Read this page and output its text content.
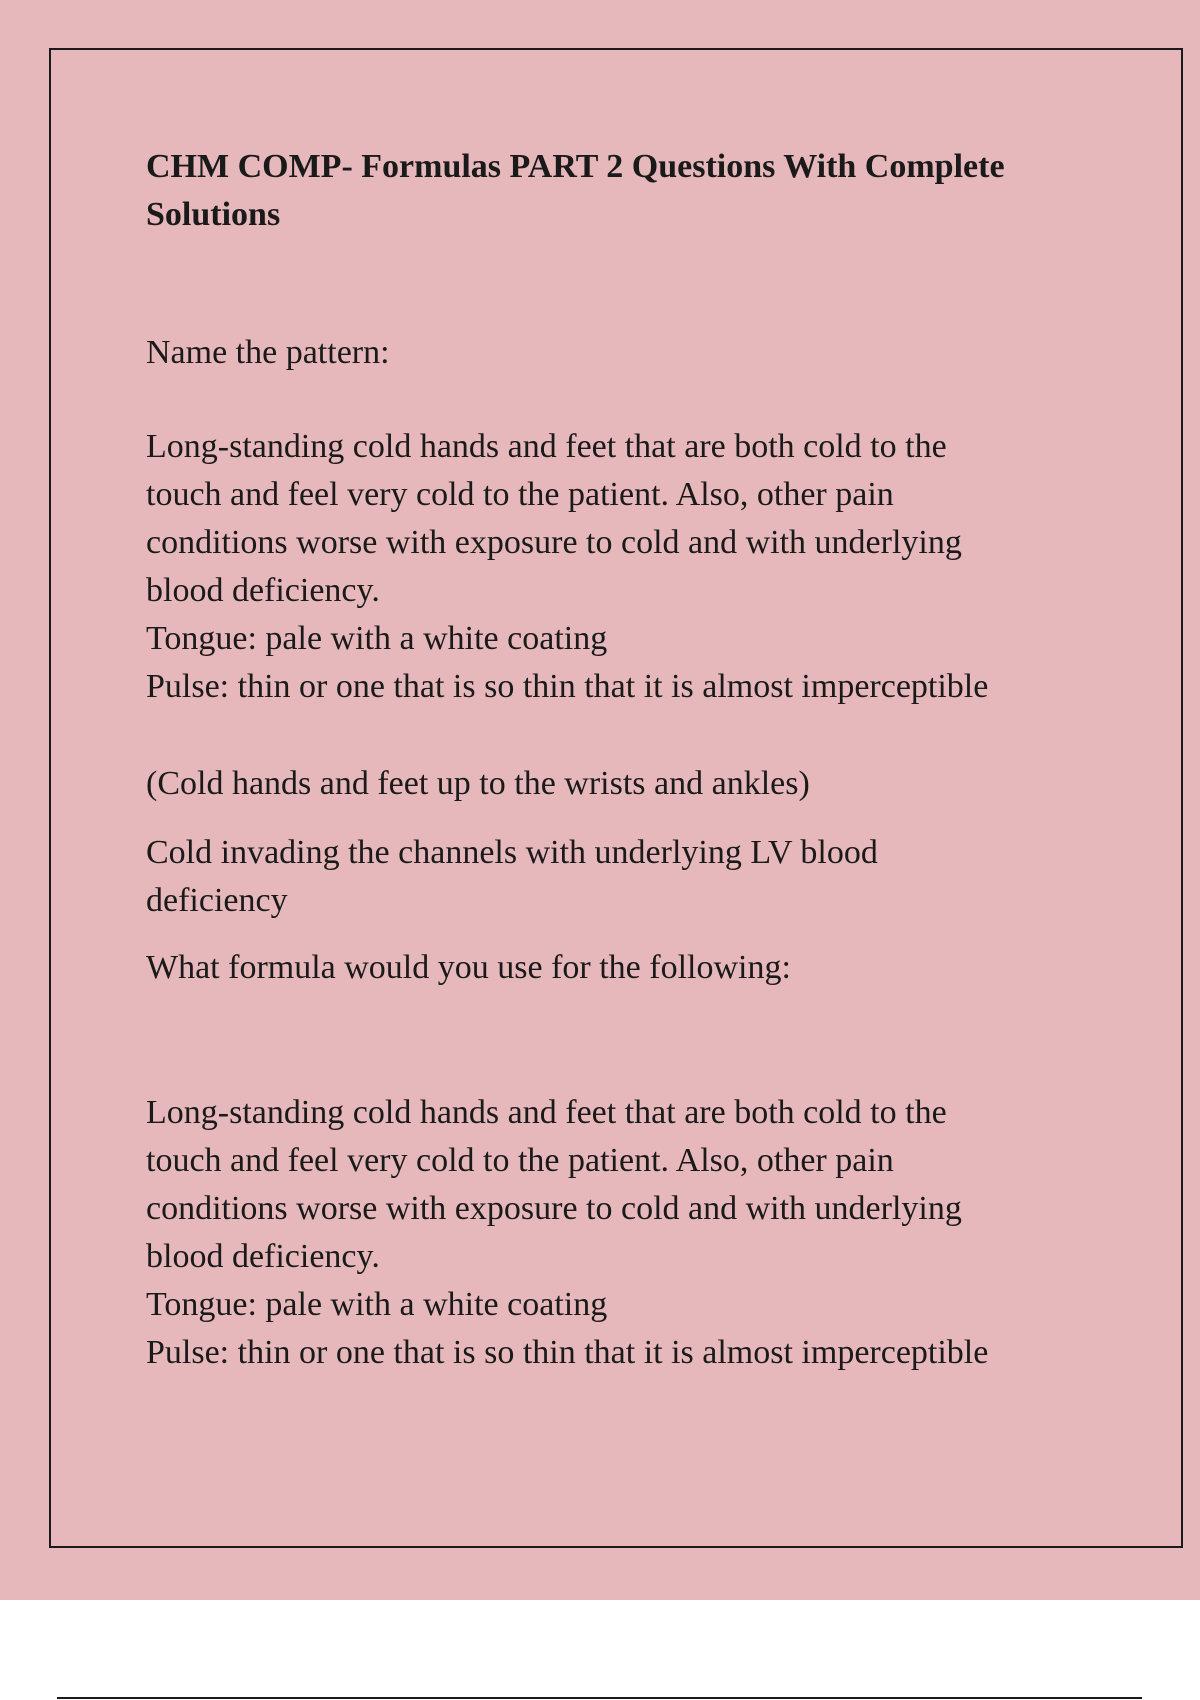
CHM COMP- Formulas PART 2 Questions With Complete
Solutions
Name the pattern:
Long-standing cold hands and feet that are both cold to the
touch and feel very cold to the patient. Also, other pain
conditions worse with exposure to cold and with underlying
blood deficiency.
Tongue: pale with a white coating
Pulse: thin or one that is so thin that it is almost imperceptible
(Cold hands and feet up to the wrists and ankles)
Cold invading the channels with underlying LV blood
deficiency
What formula would you use for the following:
Long-standing cold hands and feet that are both cold to the
touch and feel very cold to the patient. Also, other pain
conditions worse with exposure to cold and with underlying
blood deficiency.
Tongue: pale with a white coating
Pulse: thin or one that is so thin that it is almost imperceptible
